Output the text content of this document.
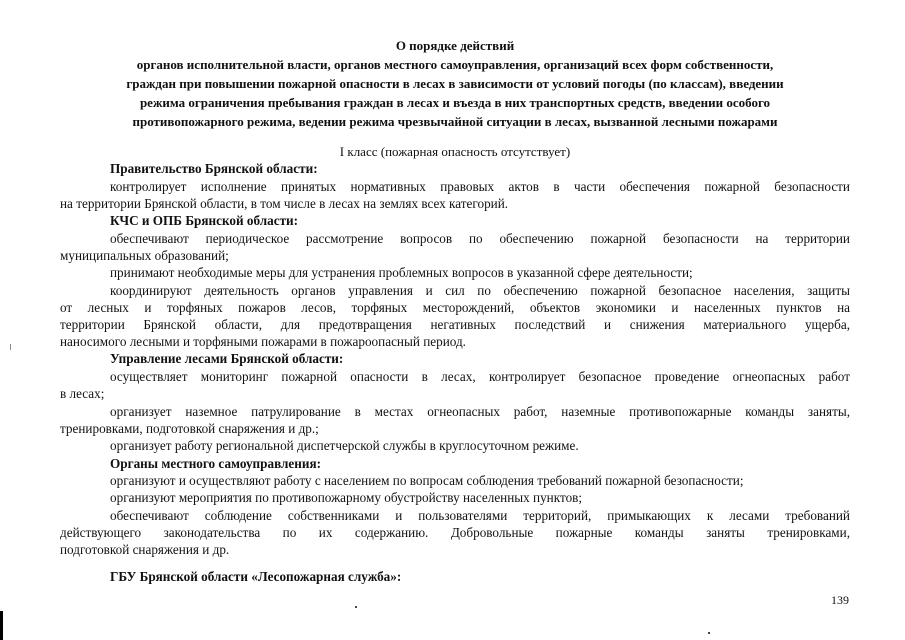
О порядке действий
органов исполнительной власти, органов местного самоуправления, организаций всех форм собственности,
граждан при повышении пожарной опасности в лесах в зависимости от условий погоды (по классам), введении
режима ограничения пребывания граждан в лесах и въезда в них транспортных средств, введении особого
противопожарного режима, ведении режима чрезвычайной ситуации в лесах, вызванной лесными пожарами
I класс (пожарная опасность отсутствует)
Правительство Брянской области:
контролирует исполнение принятых нормативных правовых актов в части обеспечения пожарной безопасности
на территории Брянской области, в том числе в лесах на землях всех категорий.
КЧС и ОПБ Брянской области:
обеспечивают периодическое рассмотрение вопросов по обеспечению пожарной безопасности на территории
муниципальных образований;
принимают необходимые меры для устранения проблемных вопросов в указанной сфере деятельности;
координируют деятельность органов управления и сил по обеспечению пожарной безопасное населения, защиты
от лесных и торфяных пожаров лесов, торфяных месторождений, объектов экономики и населенных пунктов на
территории Брянской области, для предотвращения негативных последствий и снижения материального ущерба,
наносимого лесными и торфяными пожарами в пожароопасный период.
Управление лесами Брянской области:
осуществляет мониторинг пожарной опасности в лесах, контролирует безопасное проведение огнеопасных работ
в лесах;
организует наземное патрулирование в местах огнеопасных работ, наземные противопожарные команды заняты,
тренировками, подготовкой снаряжения и др.;
организует работу региональной диспетчерской службы в круглосуточном режиме.
Органы местного самоуправления:
организуют и осуществляют работу с населением по вопросам соблюдения требований пожарной безопасности;
организуют мероприятия по противопожарному обустройству населенных пунктов;
обеспечивают соблюдение собственниками и пользователями территорий, примыкающих к лесами требований
действующего законодательства по их содержанию. Добровольные пожарные команды заняты тренировками,
подготовкой снаряжения и др.
ГБУ Брянской области «Лесопожарная служба»:
139
